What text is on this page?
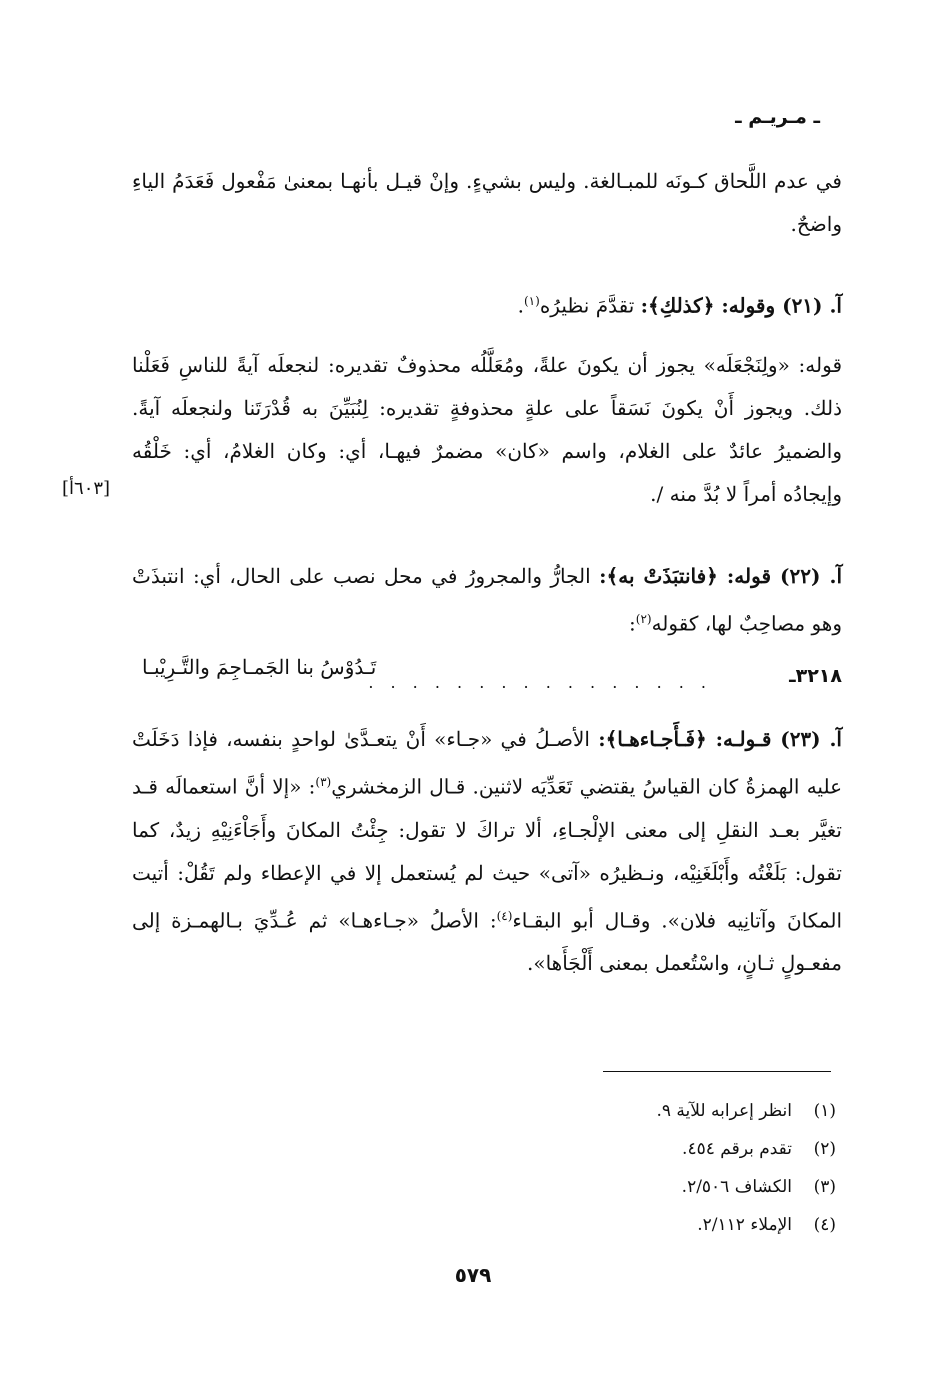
ـ مـريـم ـ

في عدم اللَّحاق كـونَه للمبـالغة. وليس بشيءٍ. وإنْ قيـل بأنهـا بمعنىٰ مَفْعول فَعَدَمُ الياءِ واضحٌ.

آ. (٢١) وقوله: ﴿كذلكِ﴾: تقدَّمَ نظيرُه$^{(١)}$.

قوله: «ولِنَجْعَلَه» يجوز أن يكونَ علةً، ومُعَلَّلُه محذوفٌ تقديره: لنجعلَه آيةً للناسِ فَعَلْنا ذلك. ويجوز أَنْ يكونَ نَسَقاً على علةٍ محذوفةٍ تقديره: لِنُبَيِّنَ به قُدْرَتَنا ولنجعلَه آيةً. والضميرُ عائدٌ على الغلام، واسم «كان» مضمرٌ فيهـا، أي: وكان الغلامُ، أي: خَلْقُه وإيجادُه أمراً لا بُدَّ منه /.

[٦٠٣أ]

آ. (٢٢) قوله: ﴿فانتبَذَتْ به﴾: الجارُّ والمجرورُ في محل نصب على الحال، أي: انتبذَتْ وهو مصاحِبٌ لها، كقوله$^{(٢)}$:

٣٢١٨ـ
. . . . . . . . . . . . . . . .
تَـدُوْسُ بنا الجَمـاجِمَ والتَّـرِيْبـا

آ. (٢٣) قـولـه: ﴿فَـأَجـاءهـا﴾: الأصـلُ في «جـاء» أَنْ يتعـدَّىٰ لواحدٍ بنفسه، فإذا دَخَلَتْ عليه الهمزةُ كان القياسُ يقتضي تَعَدِّيَه لاثنين. قـال الزمخشري$^{(٣)}$: «إلا أنَّ استعمالَه قـد تغيَّر بعـد النقلِ إلى معنى الإلْجـاءِ، ألا تراكَ لا تقول: جِئْتُ المكانَ وأَجَاْءَنِيْهِ زيدٌ، كما تقول: بَلَغْتُه وأَبْلَغَنِيْه، ونـظيرُه «آتى» حيث لم يُستعمل إلا في الإعطاء ولم تَقُلْ: أتيت المكانَ وآتانِيه فلان». وقـال أبو البقـاء$^{(٤)}$: الأصلُ «جـاءهـا» ثم عُـدِّيَ بـالهمـزة إلى مفعـولٍ ثـانٍ، واسْتُعمل بمعنى أَلْجَأَها».

(١)انظر إعرابه للآية ٩.
(٢)تقدم برقم ٤٥٤.
(٣)الكشاف ٢/٥٠٦.
(٤)الإملاء ٢/١١٢.
٥٧٩
